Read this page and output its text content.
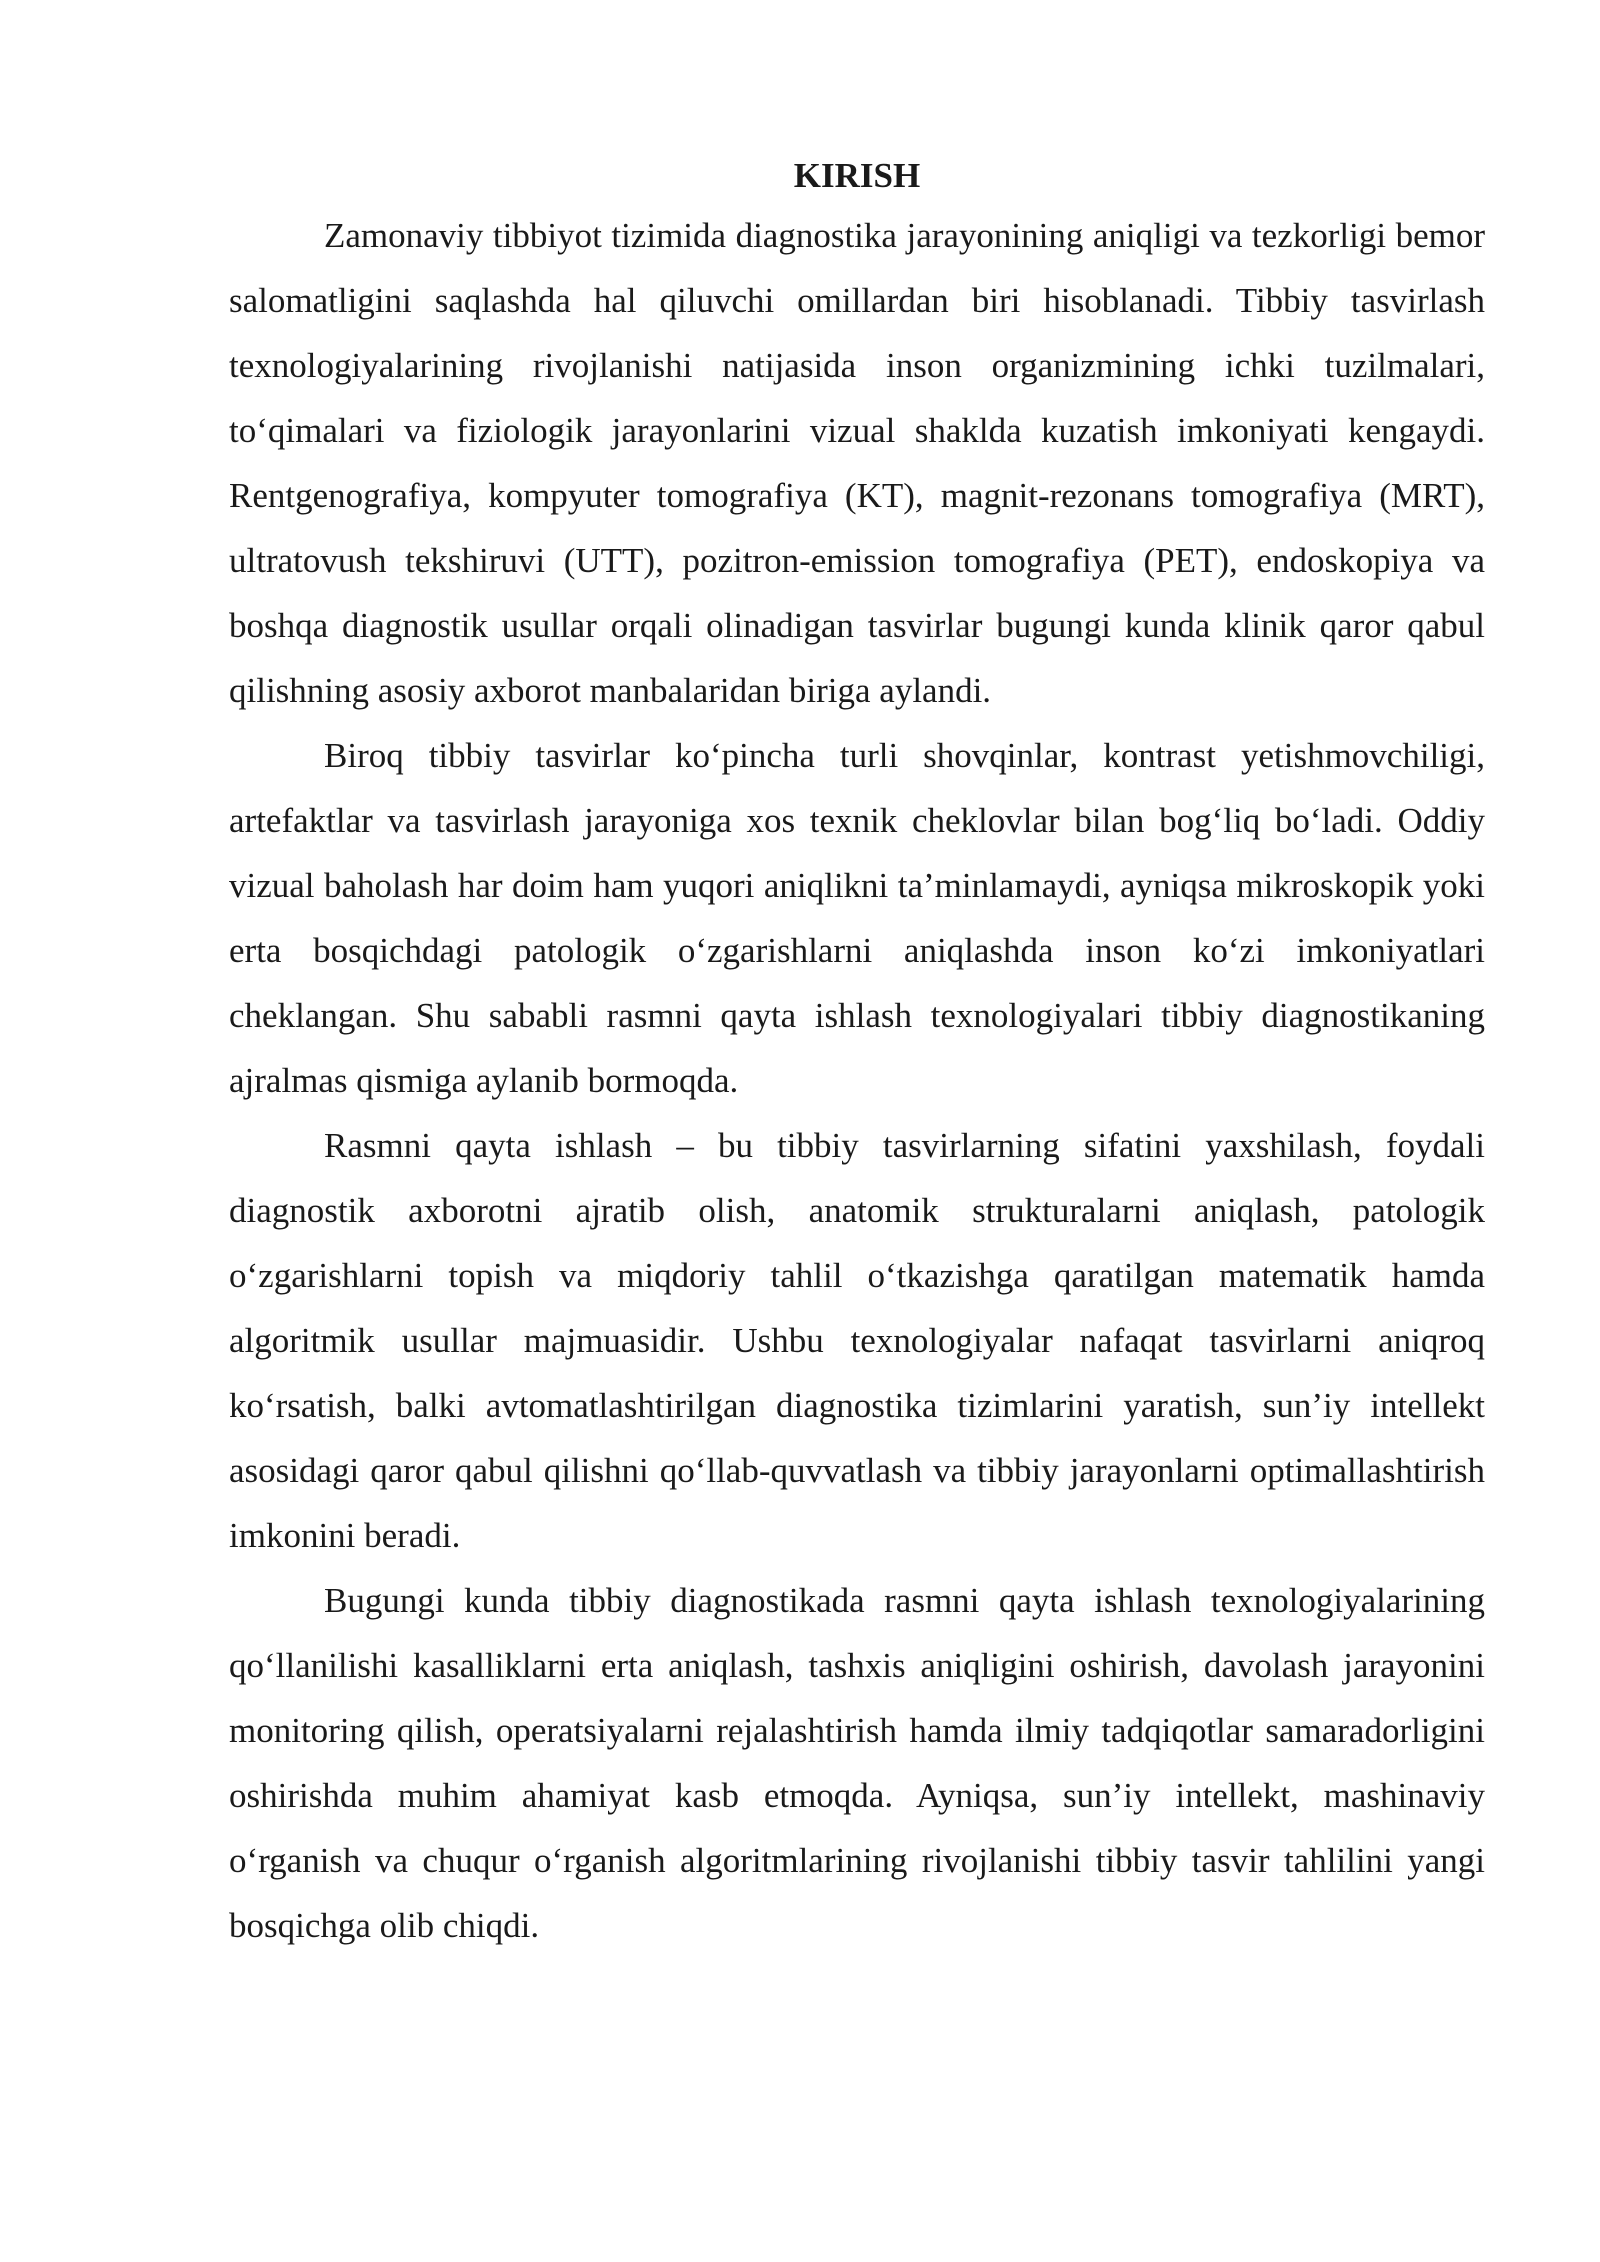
KIRISH

Zamonaviy tibbiyot tizimida diagnostika jarayonining aniqligi va tezkorligi bemor salomatligini saqlashda hal qiluvchi omillardan biri hisoblanadi. Tibbiy tasvirlash texnologiyalarining rivojlanishi natijasida inson organizmining ichki tuzilmalari, to‘qimalari va fiziologik jarayonlarini vizual shaklda kuzatish imkoniyati kengaydi. Rentgenografiya, kompyuter tomografiya (KT), magnit-rezonans tomografiya (MRT), ultratovush tekshiruvi (UTT), pozitron-emission tomografiya (PET), endoskopiya va boshqa diagnostik usullar orqali olinadigan tasvirlar bugungi kunda klinik qaror qabul qilishning asosiy axborot manbalaridan biriga aylandi.

Biroq tibbiy tasvirlar ko‘pincha turli shovqinlar, kontrast yetishmovchiligi, artefaktlar va tasvirlash jarayoniga xos texnik cheklovlar bilan bog‘liq bo‘ladi. Oddiy vizual baholash har doim ham yuqori aniqlikni ta’minlamaydi, ayniqsa mikroskopik yoki erta bosqichdagi patologik o‘zgarishlarni aniqlashda inson ko‘zi imkoniyatlari cheklangan. Shu sababli rasmni qayta ishlash texnologiyalari tibbiy diagnostikaning ajralmas qismiga aylanib bormoqda.

Rasmni qayta ishlash – bu tibbiy tasvirlarning sifatini yaxshilash, foydali diagnostik axborotni ajratib olish, anatomik strukturalarni aniqlash, patologik o‘zgarishlarni topish va miqdoriy tahlil o‘tkazishga qaratilgan matematik hamda algoritmik usullar majmuasidir. Ushbu texnologiyalar nafaqat tasvirlarni aniqroq ko‘rsatish, balki avtomatlashtirilgan diagnostika tizimlarini yaratish, sun’iy intellekt asosidagi qaror qabul qilishni qo‘llab-quvvatlash va tibbiy jarayonlarni optimallashtirish imkonini beradi.

Bugungi kunda tibbiy diagnostikada rasmni qayta ishlash texnologiyalarining qo‘llanilishi kasalliklarni erta aniqlash, tashxis aniqligini oshirish, davolash jarayonini monitoring qilish, operatsiyalarni rejalashtirish hamda ilmiy tadqiqotlar samaradorligini oshirishda muhim ahamiyat kasb etmoqda. Ayniqsa, sun’iy intellekt, mashinaviy o‘rganish va chuqur o‘rganish algoritmlarining rivojlanishi tibbiy tasvir tahlilini yangi bosqichga olib chiqdi.
